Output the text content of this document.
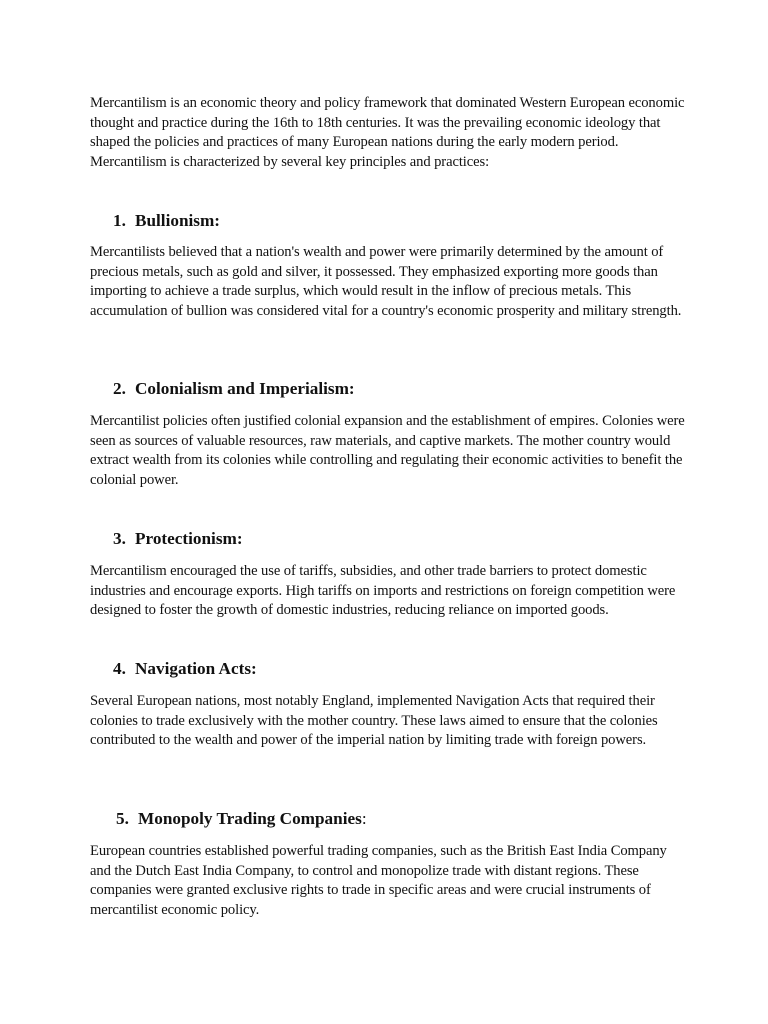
Mercantilism is an economic theory and policy framework that dominated Western European economic thought and practice during the 16th to 18th centuries. It was the prevailing economic ideology that shaped the policies and practices of many European nations during the early modern period. Mercantilism is characterized by several key principles and practices:

1. Bullionism:

Mercantilists believed that a nation's wealth and power were primarily determined by the amount of precious metals, such as gold and silver, it possessed. They emphasized exporting more goods than importing to achieve a trade surplus, which would result in the inflow of precious metals. This accumulation of bullion was considered vital for a country's economic prosperity and military strength.

2. Colonialism and Imperialism:

Mercantilist policies often justified colonial expansion and the establishment of empires. Colonies were seen as sources of valuable resources, raw materials, and captive markets. The mother country would extract wealth from its colonies while controlling and regulating their economic activities to benefit the colonial power.

3. Protectionism:

Mercantilism encouraged the use of tariffs, subsidies, and other trade barriers to protect domestic industries and encourage exports. High tariffs on imports and restrictions on foreign competition were designed to foster the growth of domestic industries, reducing reliance on imported goods.

4. Navigation Acts:

Several European nations, most notably England, implemented Navigation Acts that required their colonies to trade exclusively with the mother country. These laws aimed to ensure that the colonies contributed to the wealth and power of the imperial nation by limiting trade with foreign powers.

5. Monopoly Trading Companies:

European countries established powerful trading companies, such as the British East India Company and the Dutch East India Company, to control and monopolize trade with distant regions. These companies were granted exclusive rights to trade in specific areas and were crucial instruments of mercantilist economic policy.
